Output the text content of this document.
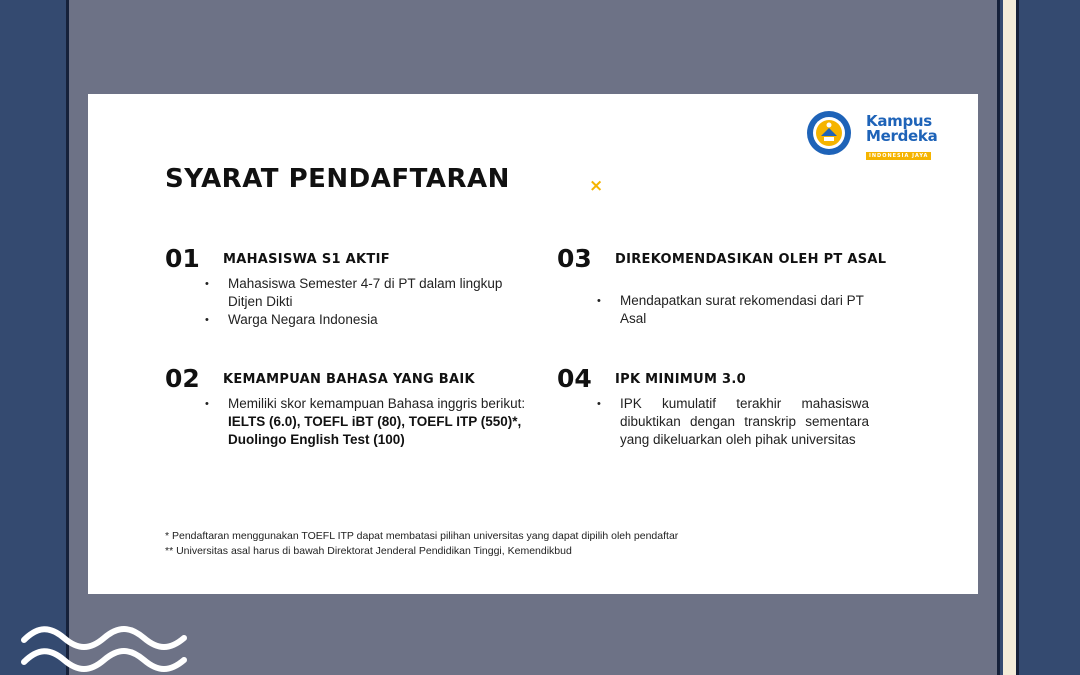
Kampus
Merdeka
INDONESIA JAYA
SYARAT PENDAFTARAN	×
01 MAHASISWA S1 AKTIF
• Mahasiswa Semester 4-7 di PT dalam lingkup Ditjen Dikti
• Warga Negara Indonesia
02 KEMAMPUAN BAHASA YANG BAIK
• Memiliki skor kemampuan Bahasa inggris berikut:
IELTS (6.0), TOEFL iBT (80), TOEFL ITP (550)*, Duolingo English Test (100)
03 DIREKOMENDASIKAN OLEH PT ASAL
• Mendapatkan surat rekomendasi dari PT Asal
04 IPK MINIMUM 3.0
• IPK kumulatif terakhir mahasiswa dibuktikan dengan transkrip sementara yang dikeluarkan oleh pihak universitas
* Pendaftaran menggunakan TOEFL ITP dapat membatasi pilihan universitas yang dapat dipilih oleh pendaftar
** Universitas asal harus di bawah Direktorat Jenderal Pendidikan Tinggi, Kemendikbud
